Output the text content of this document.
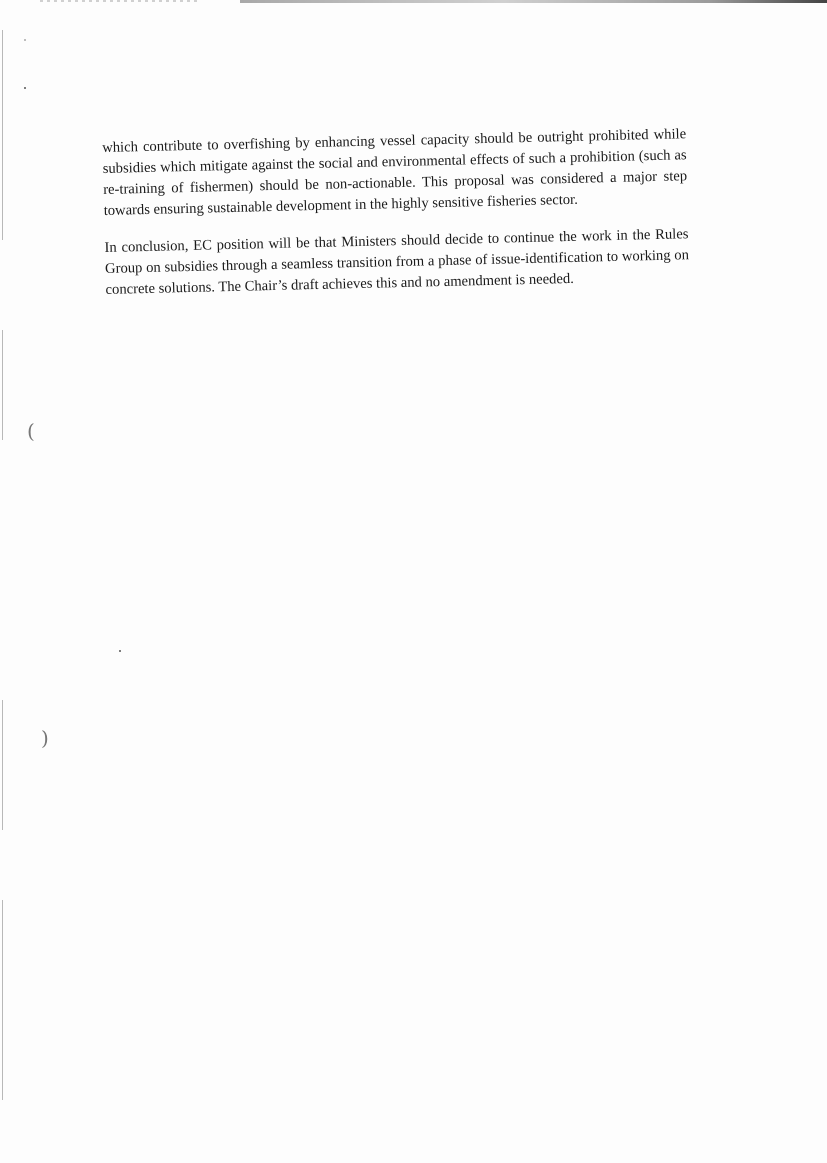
(
)

which contribute to overfishing by enhancing vessel capacity should be outright prohibited while subsidies which mitigate against the social and environmental effects of such a prohibition (such as re-training of fishermen) should be non-actionable. This proposal was considered a major step towards ensuring sustainable development in the highly sensitive fisheries sector.

In conclusion, EC position will be that Ministers should decide to continue the work in the Rules Group on subsidies through a seamless transition from a phase of issue-identification to working on concrete solutions. The Chair’s draft achieves this and no amendment is needed.
